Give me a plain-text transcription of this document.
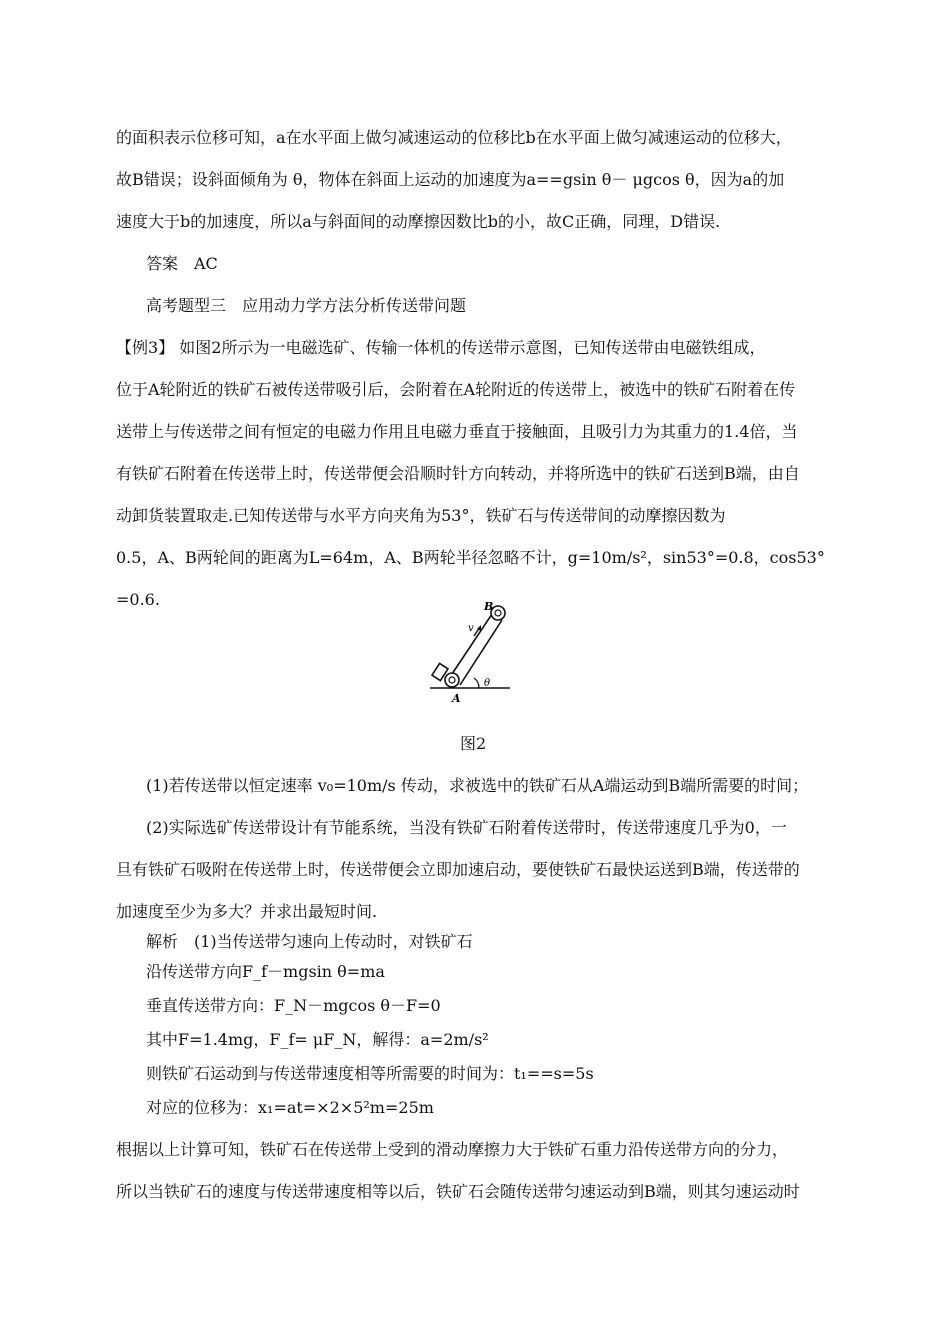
的面积表示位移可知，a在水平面上做匀减速运动的位移比b在水平面上做匀减速运动的位移大，
故B错误；设斜面倾角为 θ，物体在斜面上运动的加速度为a==gsin θ－ μgcos θ，因为a的加
速度大于b的加速度，所以a与斜面间的动摩擦因数比b的小，故C正确，同理，D错误.
答案　AC
高考题型三　应用动力学方法分析传送带问题
【例3】 如图2所示为一电磁选矿、传输一体机的传送带示意图，已知传送带由电磁铁组成，
位于A轮附近的铁矿石被传送带吸引后，会附着在A轮附近的传送带上，被选中的铁矿石附着在传
送带上与传送带之间有恒定的电磁力作用且电磁力垂直于接触面，且吸引力为其重力的1.4倍，当
有铁矿石附着在传送带上时，传送带便会沿顺时针方向转动，并将所选中的铁矿石送到B端，由自
动卸货装置取走.已知传送带与水平方向夹角为53°，铁矿石与传送带间的动摩擦因数为
0.5，A、B两轮间的距离为L=64m，A、B两轮半径忽略不计，g=10m/s²，sin53°=0.8，cos53°
=0.6.
A
B
v
θ
图2
(1)若传送带以恒定速率 v₀=10m/s 传动，求被选中的铁矿石从A端运动到B端所需要的时间；
(2)实际选矿传送带设计有节能系统，当没有铁矿石附着传送带时，传送带速度几乎为0，一
旦有铁矿石吸附在传送带上时，传送带便会立即加速启动，要使铁矿石最快运送到B端，传送带的
加速度至少为多大？并求出最短时间.
解析　(1)当传送带匀速向上传动时，对铁矿石
沿传送带方向F_f－mgsin θ=ma
垂直传送带方向：F_N－mgcos θ－F=0
其中F=1.4mg，F_f= μF_N，解得：a=2m/s²
则铁矿石运动到与传送带速度相等所需要的时间为：t₁==s=5s
对应的位移为：x₁=at=×2×5²m=25m
根据以上计算可知，铁矿石在传送带上受到的滑动摩擦力大于铁矿石重力沿传送带方向的分力，
所以当铁矿石的速度与传送带速度相等以后，铁矿石会随传送带匀速运动到B端，则其匀速运动时
